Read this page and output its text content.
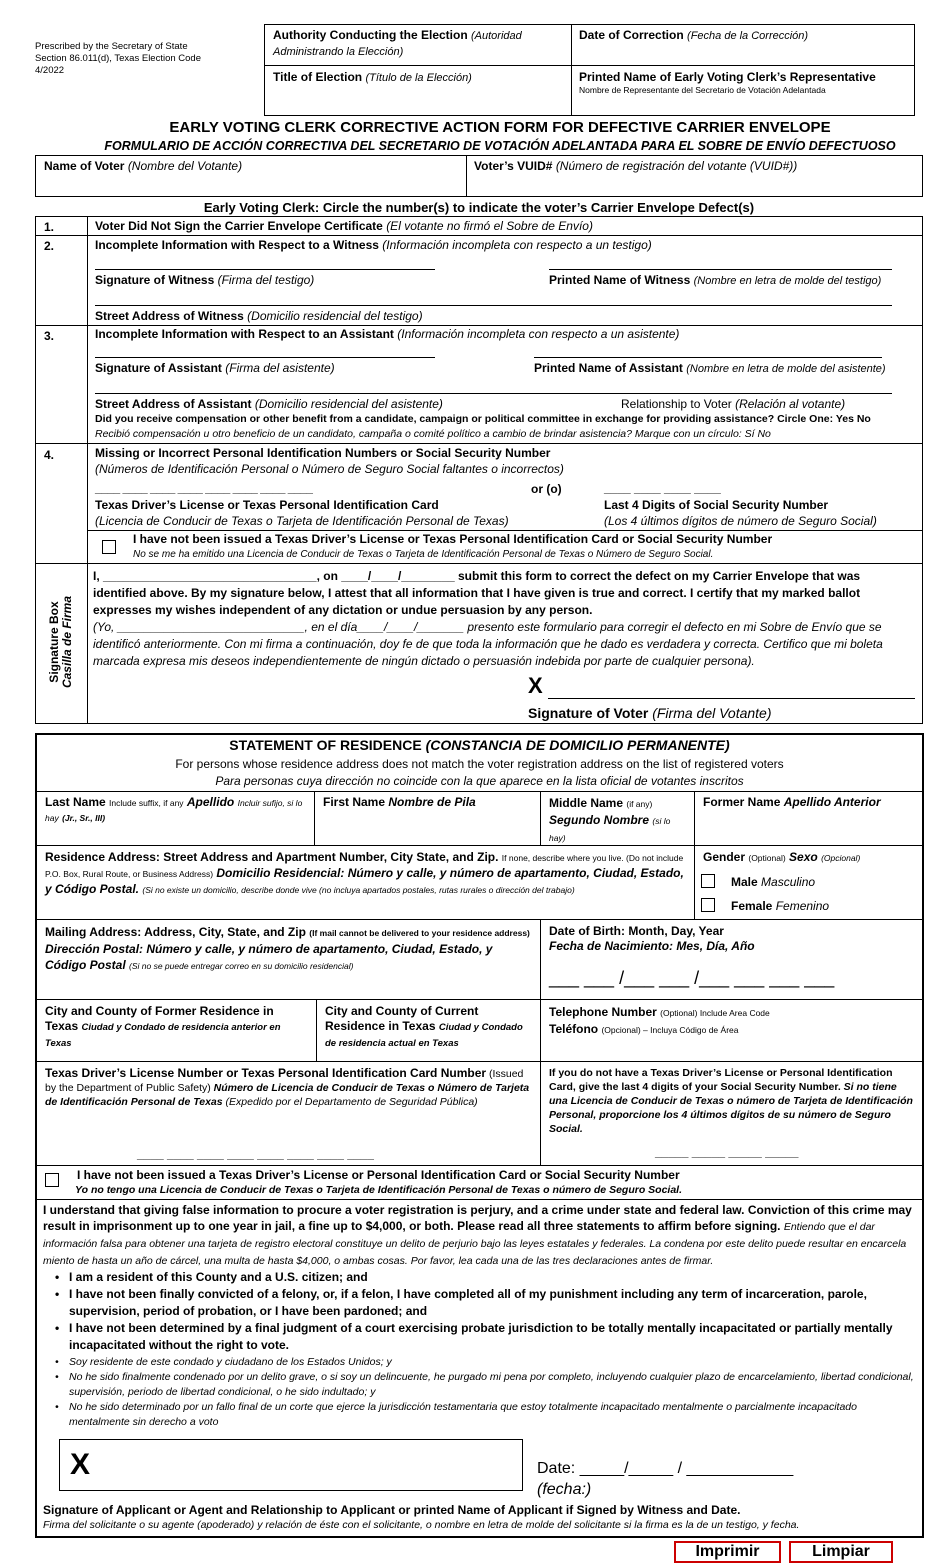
Prescribed by the Secretary of State
Section 86.011(d), Texas Election Code
4/2022
Authority Conducting the Election (Autoridad Administrando la Elección)
Date of Correction (Fecha de la Corrección)
Title of Election (Título de la Elección)	Printed Name of Early Voting Clerk’s Representative
Nombre de Representante del Secretario de Votación Adelantada
EARLY VOTING CLERK CORRECTIVE ACTION FORM FOR DEFECTIVE CARRIER ENVELOPE
FORMULARIO DE ACCIÓN CORRECTIVA DEL SECRETARIO DE VOTACIÓN ADELANTADA PARA EL SOBRE DE ENVÍO DEFECTUOSO
Name of Voter (Nombre del Votante)	Voter’s VUID# (Número de registración del votante (VUID#))
Early Voting Clerk: Circle the number(s) to indicate the voter’s Carrier Envelope Defect(s)
1.	Voter Did Not Sign the Carrier Envelope Certificate (El votante no firmó el Sobre de Envío)
2.	Incomplete Information with Respect to a Witness (Información incompleta con respecto a un testigo)
Signature of Witness (Firma del testigo)	Printed Name of Witness (Nombre en letra de molde del testigo)
Street Address of Witness (Domicilio residencial del testigo)
3.	Incomplete Information with Respect to an Assistant (Información incompleta con respecto a un asistente)
Signature of Assistant (Firma del asistente)	Printed Name of Assistant (Nombre en letra de molde del asistente)
Street Address of Assistant (Domicilio residencial del asistente)	Relationship to Voter (Relación al votante)
Did you receive compensation or other benefit from a candidate, campaign or political committee in exchange for providing assistance? Circle One: Yes No
Recibió compensación u otro beneficio de un candidato, campaña o comité político a cambio de brindar asistencia? Marque con un círculo: Sí No
4.	Missing or Incorrect Personal Identification Numbers or Social Security Number
(Números de Identificación Personal o Número de Seguro Social faltantes o incorrectos)
____ ____ ____ ____ ____ ____ ____ ____	or (o)	____ ____ ____ ____
Texas Driver’s License or Texas Personal Identification Card	Last 4 Digits of Social Security Number
(Licencia de Conducir de Texas o Tarjeta de Identificación Personal de Texas)	(Los 4 últimos dígitos de número de Seguro Social)
I have not been issued a Texas Driver’s License or Texas Personal Identification Card or Social Security Number
No se me ha emitido una Licencia de Conducir de Texas o Tarjeta de Identificación Personal de Texas o Número de Seguro Social.
Signature Box Casilla de Firma
I, ________________________________, on ____/____/________ submit this form to correct the defect on my Carrier Envelope that was identified above. By my signature below, I attest that all information that I have given is true and correct. I certify that my marked ballot expresses my wishes independent of any dictation or undue persuasion by any person.
(Yo, ____________________________, en el día____/____/_______ presento este formulario para corregir el defecto en mi Sobre de Envío que se identificó anteriormente. Con mi firma a continuación, doy fe de que toda la información que he dado es verdadera y correcta. Certifico que mi boleta marcada expresa mis deseos independientemente de ningún dictado o persuasión indebida por parte de cualquier persona).
X
Signature of Voter (Firma del Votante)
STATEMENT OF RESIDENCE (CONSTANCIA DE DOMICILIO PERMANENTE)
For persons whose residence address does not match the voter registration address on the list of registered voters
Para personas cuya dirección no coincide con la que aparece en la lista oficial de votantes inscritos
Last Name Include suffix, if any Apellido Incluir sufijo, si lo hay (Jr., Sr., III)
First Name Nombre de Pila	Middle Name (if any) Segundo Nombre (si lo hay)
Former Name Apellido Anterior
Residence Address: Street Address and Apartment Number, City State, and Zip. If none, describe where you live. (Do not include P.O. Box, Rural Route, or Business Address) Domicilio Residencial: Número y calle, y número de apartamento, Ciudad, Estado, y Código Postal. (Si no existe un domicilio, describe donde vive (no incluya apartados postales, rutas rurales o dirección del trabajo)
Gender (Optional) Sexo (Opcional)
Male Masculino
Female Femenino
Mailing Address: Address, City, State, and Zip (If mail cannot be delivered to your residence address) Dirección Postal: Número y calle, y número de apartamento, Ciudad, Estado, y Código Postal (Si no se puede entregar correo en su domicilio residencial)
Date of Birth: Month, Day, Year
Fecha de Nacimiento: Mes, Día, Año
___ ___ /___ ___ /___ ___ ___ ___
City and County of Former Residence in Texas Ciudad y Condado de residencia anterior en Texas
City and County of Current Residence in Texas Ciudad y Condado de residencia actual en Texas
Telephone Number (Optional) Include Area Code
Teléfono (Opcional) – Incluya Código de Área
Texas Driver’s License Number or Texas Personal Identification Card Number (Issued by the Department of Public Safety) Número de Licencia de Conducir de Texas o Número de Tarjeta de Identificación Personal de Texas (Expedido por el Departamento de Seguridad Pública)
____ ____ ____ ____ ____ ____ ____ ____
If you do not have a Texas Driver’s License or Personal Identification Card, give the last 4 digits of your Social Security Number. Si no tiene una Licencia de Conducir de Texas o número de Tarjeta de Identificación Personal, proporcione los 4 últimos dígitos de su número de Seguro Social.
_____ _____ _____ _____
I have not been issued a Texas Driver’s License or Personal Identification Card or Social Security Number
Yo no tengo una Licencia de Conducir de Texas o Tarjeta de Identificación Personal de Texas o número de Seguro Social.
I understand that giving false information to procure a voter registration is perjury, and a crime under state and federal law. Conviction of this crime may result in imprisonment up to one year in jail, a fine up to $4,000, or both. Please read all three statements to affirm before signing. Entiendo que el dar información falsa para obtener una tarjeta de registro electoral constituye un delito de perjurio bajo las leyes estatales y federales. La condena por este delito puede resultar en encarcela miento de hasta un año de cárcel, una multa de hasta $4,000, o ambas cosas. Por favor, lea cada una de las tres declaraciones antes de firmar.
• I am a resident of this County and a U.S. citizen; and
• I have not been finally convicted of a felony, or, if a felon, I have completed all of my punishment including any term of incarceration, parole, supervision, period of probation, or I have been pardoned; and
• I have not been determined by a final judgment of a court exercising probate jurisdiction to be totally mentally incapacitated or partially mentally incapacitated without the right to vote.
• Soy residente de este condado y ciudadano de los Estados Unidos; y
• No he sido finalmente condenado por un delito grave, o si soy un delincuente, he purgado mi pena por completo, incluyendo cualquier plazo de encarcelamiento, libertad condicional, supervisión, periodo de libertad condicional, o he sido indultado; y
• No he sido determinado por un fallo final de un corte que ejerce la jurisdicción testamentaria que estoy totalmente incapacitado mentalmente o parcialmente incapacitado mentalmente sin derecho a voto
X	Date: _____/_____ / ____________
(fecha:)
Signature of Applicant or Agent and Relationship to Applicant or printed Name of Applicant if Signed by Witness and Date.
Firma del solicitante o su agente (apoderado) y relación de éste con el solicitante, o nombre en letra de molde del solicitante si la firma es la de un testigo, y fecha.
Imprimir	Limpiar
